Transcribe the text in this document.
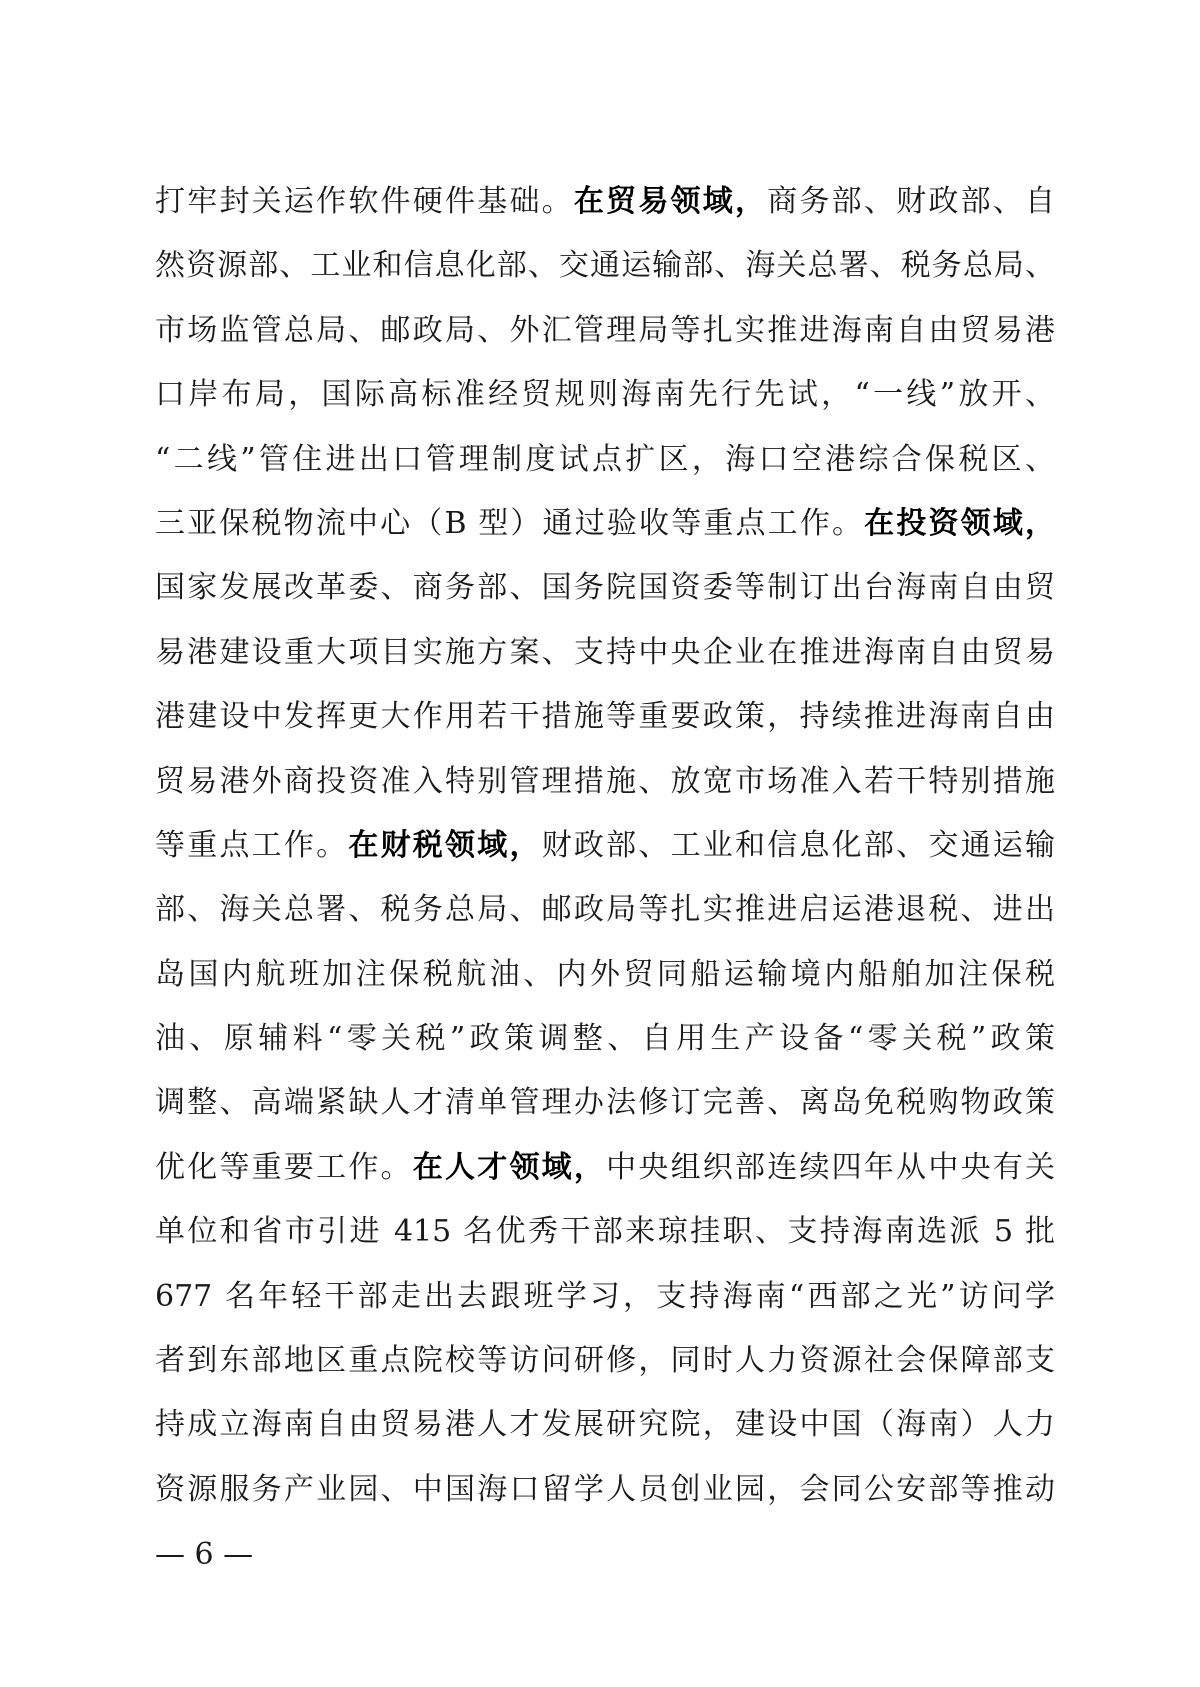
打牢封关运作软件硬件基础。在贸易领域，商务部、财政部、自
然资源部、工业和信息化部、交通运输部、海关总署、税务总局、
市场监管总局、邮政局、外汇管理局等扎实推进海南自由贸易港
口岸布局，国际高标准经贸规则海南先行先试，“一线”放开、
“二线”管住进出口管理制度试点扩区，海口空港综合保税区、
三亚保税物流中心（B 型）通过验收等重点工作。在投资领域，
国家发展改革委、商务部、国务院国资委等制订出台海南自由贸
易港建设重大项目实施方案、支持中央企业在推进海南自由贸易
港建设中发挥更大作用若干措施等重要政策，持续推进海南自由
贸易港外商投资准入特别管理措施、放宽市场准入若干特别措施
等重点工作。在财税领域，财政部、工业和信息化部、交通运输
部、海关总署、税务总局、邮政局等扎实推进启运港退税、进出
岛国内航班加注保税航油、内外贸同船运输境内船舶加注保税
油、原辅料“零关税”政策调整、自用生产设备“零关税”政策
调整、高端紧缺人才清单管理办法修订完善、离岛免税购物政策
优化等重要工作。在人才领域，中央组织部连续四年从中央有关
单位和省市引进 415 名优秀干部来琼挂职、支持海南选派 5 批
677 名年轻干部走出去跟班学习，支持海南“西部之光”访问学
者到东部地区重点院校等访问研修，同时人力资源社会保障部支
持成立海南自由贸易港人才发展研究院，建设中国（海南）人力
资源服务产业园、中国海口留学人员创业园，会同公安部等推动
— 6 —
